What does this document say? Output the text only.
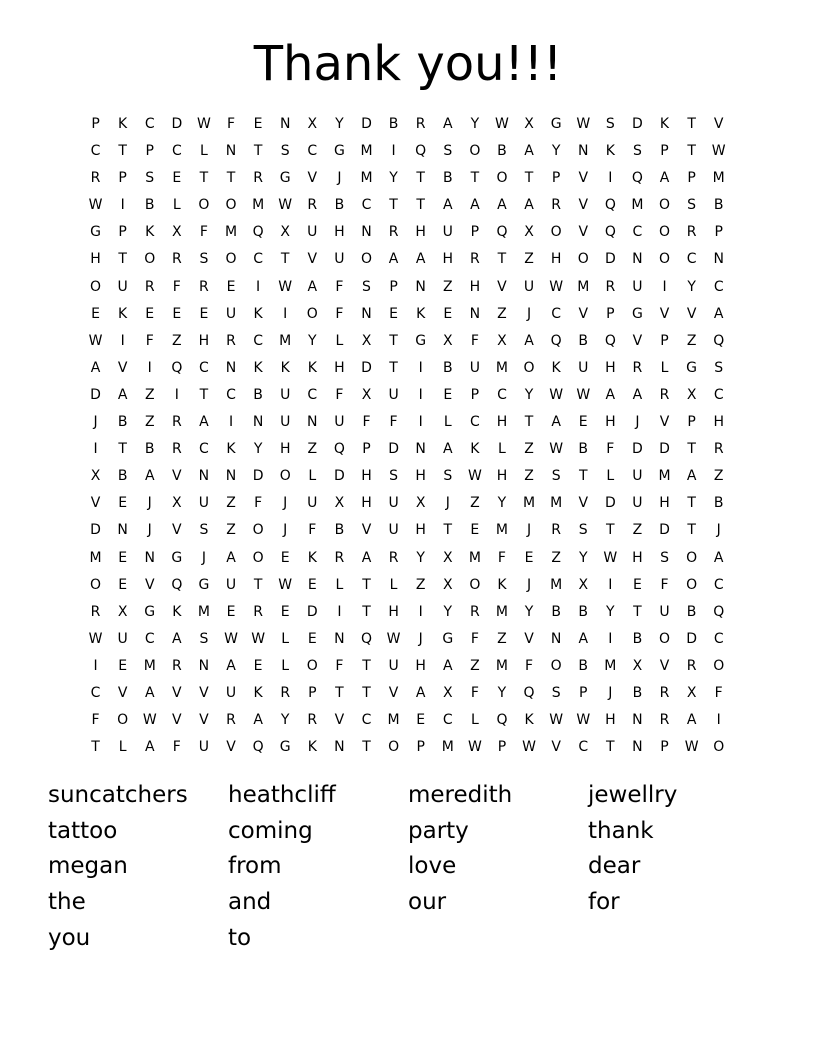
Thank you!!!
P	K	C	D	W	F	E	N	X	Y	D	B	R	A	Y	W	X	G	W	S	D	K	T	V
C	T	P	C	L	N	T	S	C	G	M	I	Q	S	O	B	A	Y	N	K	S	P	T	W
R	P	S	E	T	T	R	G	V	J	M	Y	T	B	T	O	T	P	V	I	Q	A	P	M
W	I	B	L	O	O	M	W	R	B	C	T	T	A	A	A	A	R	V	Q	M	O	S	B
G	P	K	X	F	M	Q	X	U	H	N	R	H	U	P	Q	X	O	V	Q	C	O	R	P
H	T	O	R	S	O	C	T	V	U	O	A	A	H	R	T	Z	H	O	D	N	O	C	N
O	U	R	F	R	E	I	W	A	F	S	P	N	Z	H	V	U	W	M	R	U	I	Y	C
E	K	E	E	E	U	K	I	O	F	N	E	K	E	N	Z	J	C	V	P	G	V	V	A
W	I	F	Z	H	R	C	M	Y	L	X	T	G	X	F	X	A	Q	B	Q	V	P	Z	Q
A	V	I	Q	C	N	K	K	K	H	D	T	I	B	U	M	O	K	U	H	R	L	G	S
D	A	Z	I	T	C	B	U	C	F	X	U	I	E	P	C	Y	W W	A	A	R	X	C
J	B	Z	R	A	I	N	U	N	U	F	F	I	L	C	H	T	A	E	H	J	V	P	H
I	T	B	R	C	K	Y	H	Z	Q	P	D	N	A	K	L	Z	W	B	F	D	D	T	R
X	B	A	V	N	N	D	O	L	D	H	S	H	S	W	H	Z	S	T	L	U	M	A	Z
V	E	J	X	U	Z	F	J	U	X	H	U	X	J	Z	Y	M	M	V	D	U	H	T	B
D	N	J	V	S	Z	O	J	F	B	V	U	H	T	E	M	J	R	S	T	Z	D	T	J
M	E	N	G	J	A	O	E	K	R	A	R	Y	X	M	F	E	Z	Y	W	H	S	O	A
O	E	V	Q	G	U	T	W	E	L	T	L	Z	X	O	K	J	M	X	I	E	F	O	C
R	X	G	K	M	E	R	E	D	I	T	H	I	Y	R	M	Y	B	B	Y	T	U	B	Q
W	U	C	A	S	W W	L	E	N	Q	W	J	G	F	Z	V	N	A	I	B	O	D	C
I	E	M	R	N	A	E	L	O	F	T	U	H	A	Z	M	F	O	B	M	X	V	R	O
C	V	A	V	V	U	K	R	P	T	T	V	A	X	F	Y	Q	S	P	J	B	R	X	F
F	O	W	V	V	R	A	Y	R	V	C	M	E	C	L	Q	K	W W	H	N	R	A	I
T	L	A	F	U	V	Q	G	K	N	T	O	P	M	W	P	W	V	C	T	N	P	W	O
suncatchers	heathcliff	meredith	jewellry
tattoo	coming	party	thank
megan	from	love	dear
the	and	our	for
you	to
